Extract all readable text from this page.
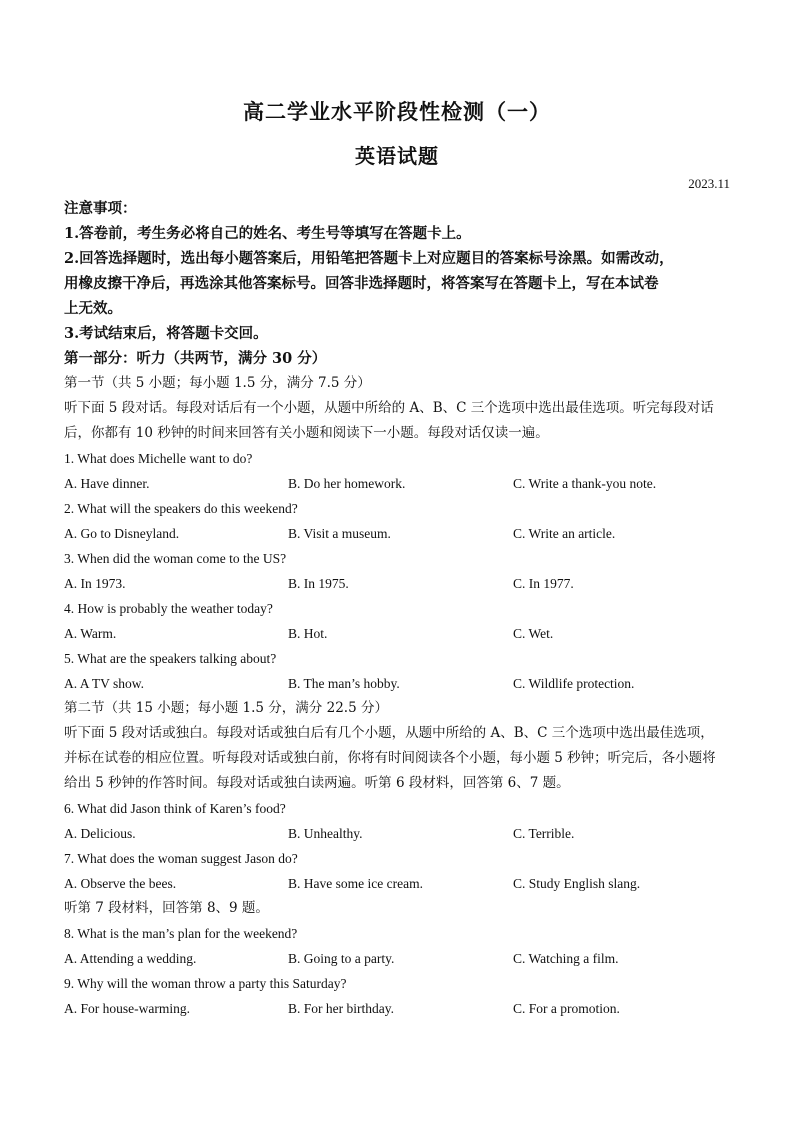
高二学业水平阶段性检测（一）
英语试题
2023.11
注意事项：
1.答卷前，考生务必将自己的姓名、考生号等填写在答题卡上。
2.回答选择题时，选出每小题答案后，用铅笔把答题卡上对应题目的答案标号涂黑。如需改动，
用橡皮擦干净后，再选涂其他答案标号。回答非选择题时，将答案写在答题卡上，写在本试卷
上无效。
3.考试结束后，将答题卡交回。
第一部分：听力（共两节，满分 30 分）
第一节（共 5 小题；每小题 1.5 分，满分 7.5 分）
听下面 5 段对话。每段对话后有一个小题，从题中所给的 A、B、C 三个选项中选出最佳选项。听完每段对话
后，你都有 10 秒钟的时间来回答有关小题和阅读下一小题。每段对话仅读一遍。
1. What does Michelle want to do?
A. Have dinner.	B. Do her homework.	C. Write a thank-you note.
2. What will the speakers do this weekend?
A. Go to Disneyland.	B. Visit a museum.	C. Write an article.
3. When did the woman come to the US?
A. In 1973.	B. In 1975.	C. In 1977.
4. How is probably the weather today?
A. Warm.	B. Hot.	C. Wet.
5. What are the speakers talking about?
A. A TV show.	B. The man’s hobby.	C. Wildlife protection.
第二节（共 15 小题；每小题 1.5 分，满分 22.5 分）
听下面 5 段对话或独白。每段对话或独白后有几个小题，从题中所给的 A、B、C 三个选项中选出最佳选项，
并标在试卷的相应位置。听每段对话或独白前，你将有时间阅读各个小题，每小题 5 秒钟；听完后，各小题将
给出 5 秒钟的作答时间。每段对话或独白读两遍。听第 6 段材料，回答第 6、7 题。
6. What did Jason think of Karen’s food?
A. Delicious.	B. Unhealthy.	C. Terrible.
7. What does the woman suggest Jason do?
A. Observe the bees.	B. Have some ice cream.	C. Study English slang.
听第 7 段材料，回答第 8、9 题。
8. What is the man’s plan for the weekend?
A. Attending a wedding.	B. Going to a party.	C. Watching a film.
9. Why will the woman throw a party this Saturday?
A. For house-warming.	B. For her birthday.	C. For a promotion.
